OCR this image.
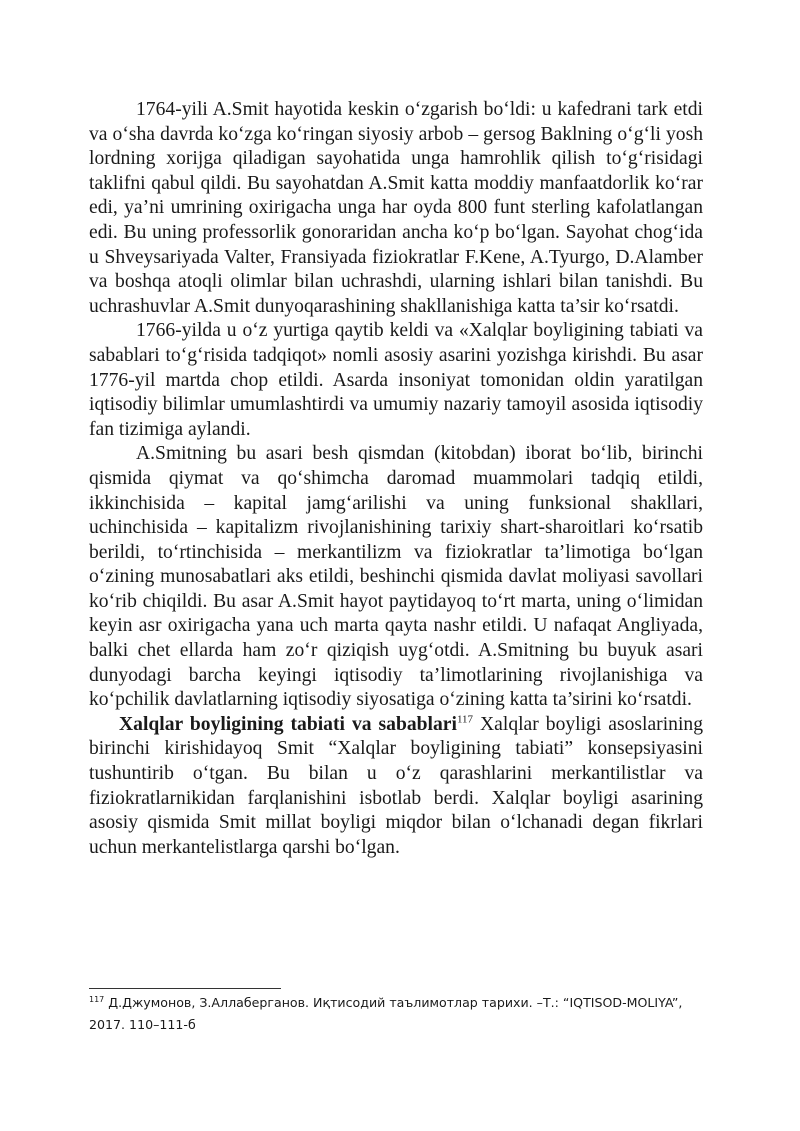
1764-yili A.Smit hayotida keskin o‘zgarish bo‘ldi: u kafedrani tark etdi va o‘sha davrda ko‘zga ko‘ringan siyosiy arbob – gersog Baklning o‘g‘li yosh lordning xorijga qiladigan sayohatida unga hamrohlik qilish to‘g‘risidagi taklifni qabul qildi. Bu sayohatdan A.Smit katta moddiy manfaatdorlik ko‘rar edi, ya’ni umrining oxirigacha unga har oyda 800 funt sterling kafolatlangan edi. Bu uning professorlik gonoraridan ancha ko‘p bo‘lgan. Sayohat chog‘ida u Shveysariyada Valter, Fransiyada fiziokratlar F.Kene, A.Tyurgo, D.Alamber va boshqa atoqli olimlar bilan uchrashdi, ularning ishlari bilan tanishdi. Bu uchrashuvlar A.Smit dunyoqarashining shakllanishiga katta ta’sir ko‘rsatdi.

1766-yilda u o‘z yurtiga qaytib keldi va «Xalqlar boyligining tabiati va sabablari to‘g‘risida tadqiqot» nomli asosiy asarini yozishga kirishdi. Bu asar 1776-yil martda chop etildi. Asarda insoniyat tomonidan oldin yaratilgan iqtisodiy bilimlar umumlashtirdi va umumiy nazariy tamoyil asosida iqtisodiy fan tizimiga aylandi.

A.Smitning bu asari besh qismdan (kitobdan) iborat bo‘lib, birinchi qismida qiymat va qo‘shimcha daromad muammolari tadqiq etildi, ikkinchisida – kapital jamg‘arilishi va uning funksional shakllari, uchinchisida – kapitalizm rivojlanishining tarixiy shart-sharoitlari ko‘rsatib berildi, to‘rtinchisida – merkantilizm va fiziokratlar ta’limotiga bo‘lgan o‘zining munosabatlari aks etildi, beshinchi qismida davlat moliyasi savollari ko‘rib chiqildi. Bu asar A.Smit hayot paytidayoq to‘rt marta, uning o‘limidan keyin asr oxirigacha yana uch marta qayta nashr etildi. U nafaqat Angliyada, balki chet ellarda ham zo‘r qiziqish uyg‘otdi. A.Smitning bu buyuk asari dunyodagi barcha keyingi iqtisodiy ta’limotlarining rivojlanishiga va ko‘pchilik davlatlarning iqtisodiy siyosatiga o‘zining katta ta’sirini ko‘rsatdi.

Xalqlar boyligining tabiati va sabablari$^{117}$ Xalqlar boyligi asoslarining birinchi kirishidayoq Smit “Xalqlar boyligining tabiati” konsepsiyasini tushuntirib o‘tgan. Bu bilan u o‘z qarashlarini merkantilistlar va fiziokratlarnikidan farqlanishini isbotlab berdi. Xalqlar boyligi asarining asosiy qismida Smit millat boyligi miqdor bilan o‘lchanadi degan fikrlari uchun merkantelistlarga qarshi bo‘lgan.

$^{117}$ Д.Джумонов, З.Аллаберганов. Иқтисодий таълимотлар тарихи. –Т.: “IQTISOD-MOLIYA”, 2017. 110–111-б
